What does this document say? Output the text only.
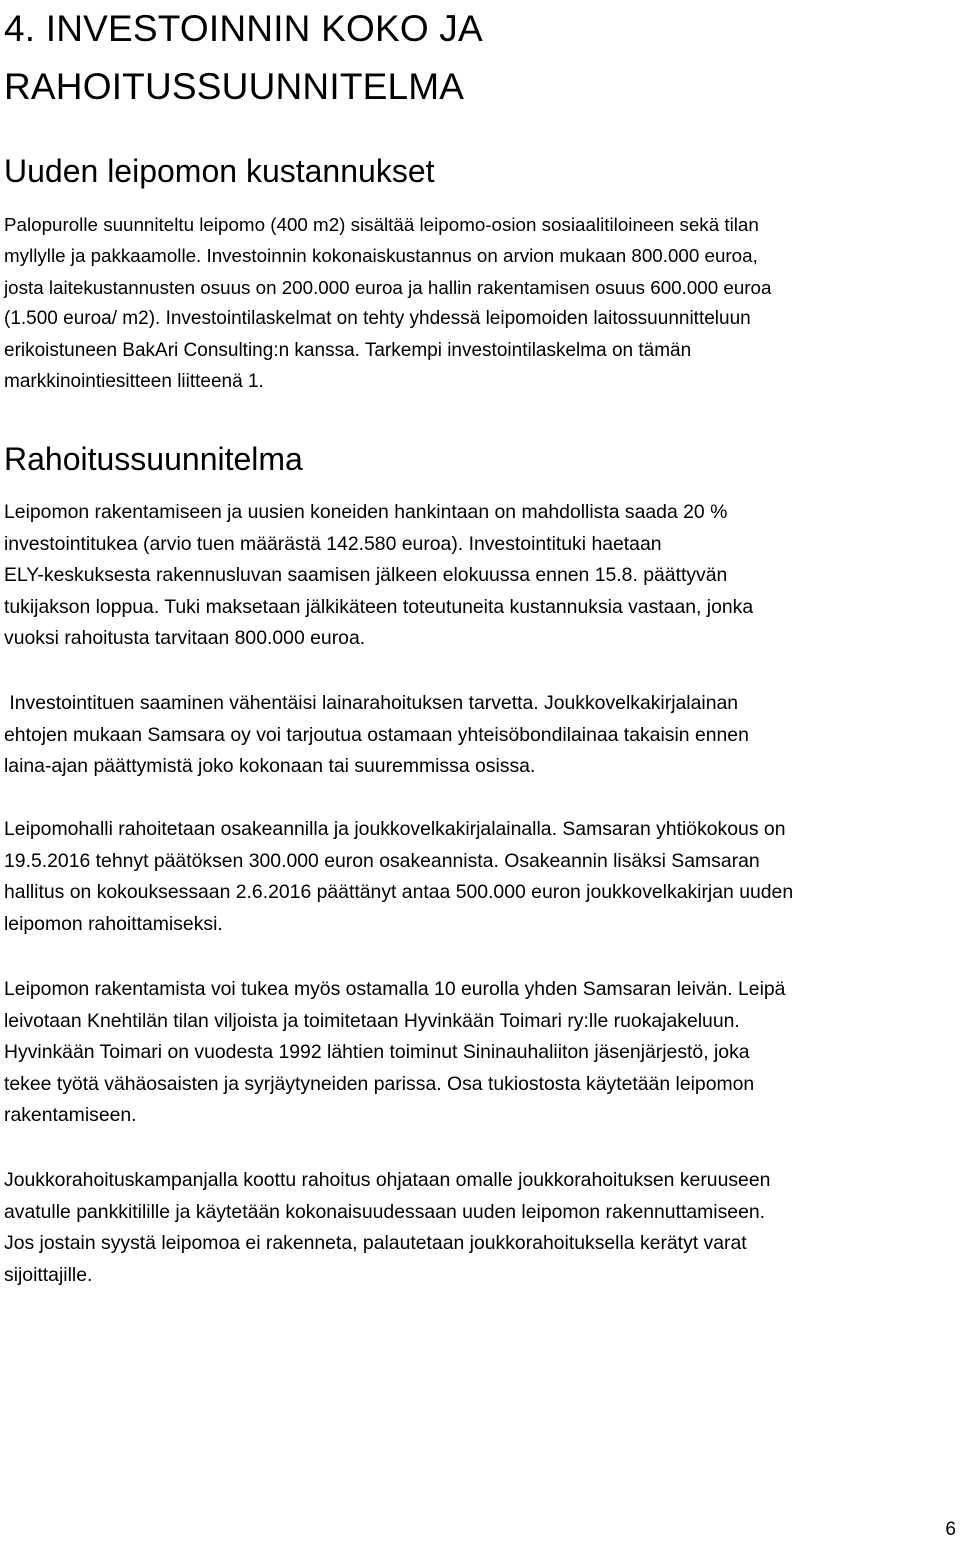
4. INVESTOINNIN KOKO JA
RAHOITUSSUUNNITELMA
Uuden leipomon kustannukset
Palopurolle suunniteltu leipomo (400 m2) sisältää leipomo-osion sosiaalitiloineen sekä tilan
myllylle ja pakkaamolle. Investoinnin kokonaiskustannus on arvion mukaan 800.000 euroa,
josta laitekustannusten osuus on 200.000 euroa ja hallin rakentamisen osuus 600.000 euroa
(1.500 euroa/ m2). Investointilaskelmat on tehty yhdessä leipomoiden laitossuunnitteluun
erikoistuneen BakAri Consulting:n kanssa. Tarkempi investointilaskelma on tämän
markkinointiesitteen liitteenä 1.
Rahoitussuunnitelma
Leipomon rakentamiseen ja uusien koneiden hankintaan on mahdollista saada 20 %
investointitukea (arvio tuen määrästä 142.580 euroa). Investointituki haetaan
ELY-keskuksesta rakennusluvan saamisen jälkeen elokuussa ennen 15.8. päättyvän
tukijakson loppua. Tuki maksetaan jälkikäteen toteutuneita kustannuksia vastaan, jonka
vuoksi rahoitusta tarvitaan 800.000 euroa.
Investointituen saaminen vähentäisi lainarahoituksen tarvetta. Joukkovelkakirjalainan
ehtojen mukaan Samsara oy voi tarjoutua ostamaan yhteisöbondilainaa takaisin ennen
laina-ajan päättymistä joko kokonaan tai suuremmissa osissa.
Leipomohalli rahoitetaan osakeannilla ja joukkovelkakirjalainalla. Samsaran yhtiökokous on
19.5.2016 tehnyt päätöksen 300.000 euron osakeannista. Osakeannin lisäksi Samsaran
hallitus on kokouksessaan 2.6.2016 päättänyt antaa 500.000 euron joukkovelkakirjan uuden
leipomon rahoittamiseksi.
Leipomon rakentamista voi tukea myös ostamalla 10 eurolla yhden Samsaran leivän. Leipä
leivotaan Knehtilän tilan viljoista ja toimitetaan Hyvinkään Toimari ry:lle ruokajakeluun.
Hyvinkään Toimari on vuodesta 1992 lähtien toiminut Sininauhaliiton jäsenjärjestö, joka
tekee työtä vähäosaisten ja syrjäytyneiden parissa. Osa tukiostosta käytetään leipomon
rakentamiseen.
Joukkorahoituskampanjalla koottu rahoitus ohjataan omalle joukkorahoituksen keruuseen
avatulle pankkitilille ja käytetään kokonaisuudessaan uuden leipomon rakennuttamiseen.
Jos jostain syystä leipomoa ei rakenneta, palautetaan joukkorahoituksella kerätyt varat
sijoittajille.
6
